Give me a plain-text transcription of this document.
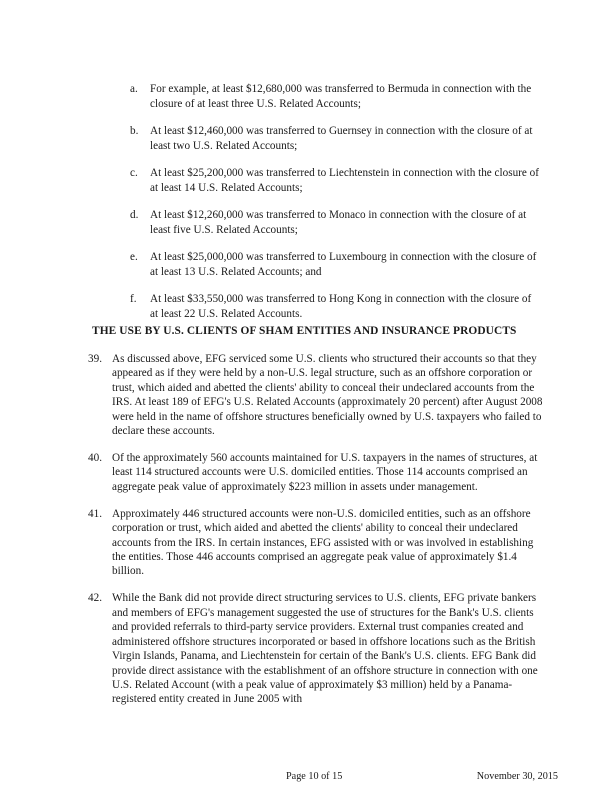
a.	For example, at least $12,680,000 was transferred to Bermuda in connection with the closure of at least three U.S. Related Accounts;
b.	At least $12,460,000 was transferred to Guernsey in connection with the closure of at least two U.S. Related Accounts;
c.	At least $25,200,000 was transferred to Liechtenstein in connection with the closure of at least 14 U.S. Related Accounts;
d.	At least $12,260,000 was transferred to Monaco in connection with the closure of at least five U.S. Related Accounts;
e.	At least $25,000,000 was transferred to Luxembourg in connection with the closure of at least 13 U.S. Related Accounts; and
f.	At least $33,550,000 was transferred to Hong Kong in connection with the closure of at least 22 U.S. Related Accounts.
THE USE BY U.S. CLIENTS OF SHAM ENTITIES AND INSURANCE PRODUCTS
39. As discussed above, EFG serviced some U.S. clients who structured their accounts so that they appeared as if they were held by a non-U.S. legal structure, such as an offshore corporation or trust, which aided and abetted the clients' ability to conceal their undeclared accounts from the IRS. At least 189 of EFG's U.S. Related Accounts (approximately 20 percent) after August 2008 were held in the name of offshore structures beneficially owned by U.S. taxpayers who failed to declare these accounts.
40. Of the approximately 560 accounts maintained for U.S. taxpayers in the names of structures, at least 114 structured accounts were U.S. domiciled entities. Those 114 accounts comprised an aggregate peak value of approximately $223 million in assets under management.
41. Approximately 446 structured accounts were non-U.S. domiciled entities, such as an offshore corporation or trust, which aided and abetted the clients' ability to conceal their undeclared accounts from the IRS. In certain instances, EFG assisted with or was involved in establishing the entities. Those 446 accounts comprised an aggregate peak value of approximately $1.4 billion.
42. While the Bank did not provide direct structuring services to U.S. clients, EFG private bankers and members of EFG's management suggested the use of structures for the Bank's U.S. clients and provided referrals to third-party service providers. External trust companies created and administered offshore structures incorporated or based in offshore locations such as the British Virgin Islands, Panama, and Liechtenstein for certain of the Bank's U.S. clients. EFG Bank did provide direct assistance with the establishment of an offshore structure in connection with one U.S. Related Account (with a peak value of approximately $3 million) held by a Panama-registered entity created in June 2005 with
Page 10 of 15	November 30, 2015
